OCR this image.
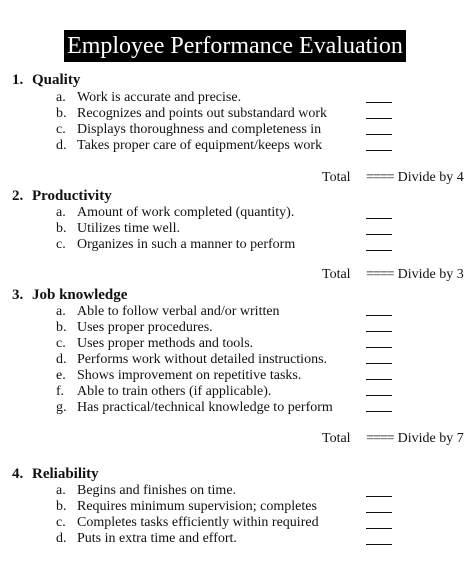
Employee Performance Evaluation
1. Quality
a. Work is accurate and precise.
b. Recognizes and points out substandard work
c. Displays thoroughness and completeness in
d. Takes proper care of equipment/keeps work
Total ==== Divide by 4
2. Productivity
a. Amount of work completed (quantity).
b. Utilizes time well.
c. Organizes in such a manner to perform
Total ==== Divide by 3
3. Job knowledge
a. Able to follow verbal and/or written
b. Uses proper procedures.
c. Uses proper methods and tools.
d. Performs work without detailed instructions.
e. Shows improvement on repetitive tasks.
f. Able to train others (if applicable).
g. Has practical/technical knowledge to perform
Total ==== Divide by 7
4. Reliability
a. Begins and finishes on time.
b. Requires minimum supervision; completes
c. Completes tasks efficiently within required
d. Puts in extra time and effort.
